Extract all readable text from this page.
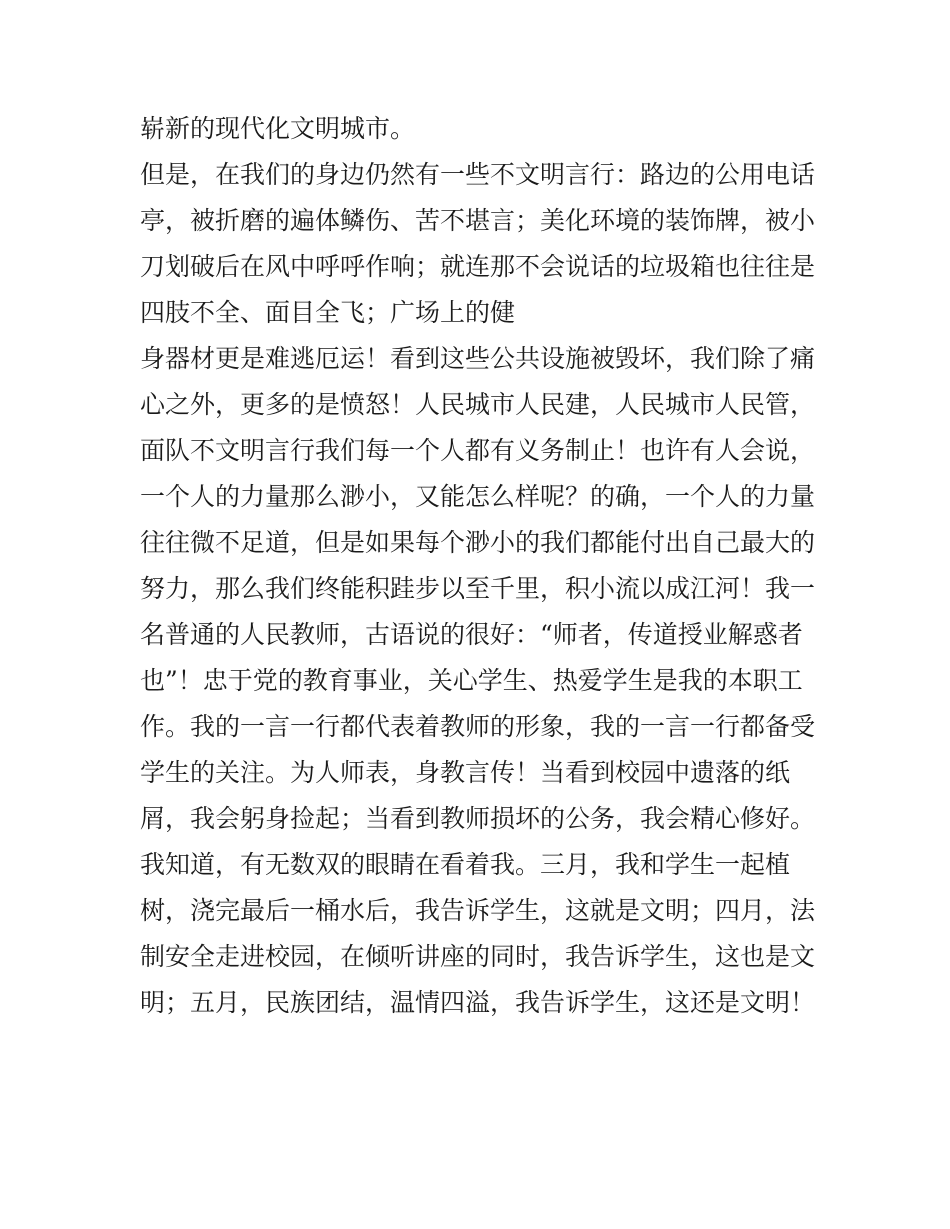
崭新的现代化文明城市。
但是，在我们的身边仍然有一些不文明言行：路边的公用电话
亭，被折磨的遍体鳞伤、苦不堪言；美化环境的装饰牌，被小
刀划破后在风中呼呼作响；就连那不会说话的垃圾箱也往往是
四肢不全、面目全飞；广场上的健
身器材更是难逃厄运！看到这些公共设施被毁坏，我们除了痛
心之外，更多的是愤怒！人民城市人民建，人民城市人民管，
面队不文明言行我们每一个人都有义务制止！也许有人会说，
一个人的力量那么渺小，又能怎么样呢？的确，一个人的力量
往往微不足道，但是如果每个渺小的我们都能付出自己最大的
努力，那么我们终能积跬步以至千里，积小流以成江河！我一
名普通的人民教师，古语说的很好：“师者，传道授业解惑者
也”！忠于党的教育事业，关心学生、热爱学生是我的本职工
作。我的一言一行都代表着教师的形象，我的一言一行都备受
学生的关注。为人师表，身教言传！当看到校园中遗落的纸
屑，我会躬身捡起；当看到教师损坏的公务，我会精心修好。
我知道，有无数双的眼睛在看着我。三月，我和学生一起植
树，浇完最后一桶水后，我告诉学生，这就是文明；四月，法
制安全走进校园，在倾听讲座的同时，我告诉学生，这也是文
明；五月，民族团结，温情四溢，我告诉学生，这还是文明！
